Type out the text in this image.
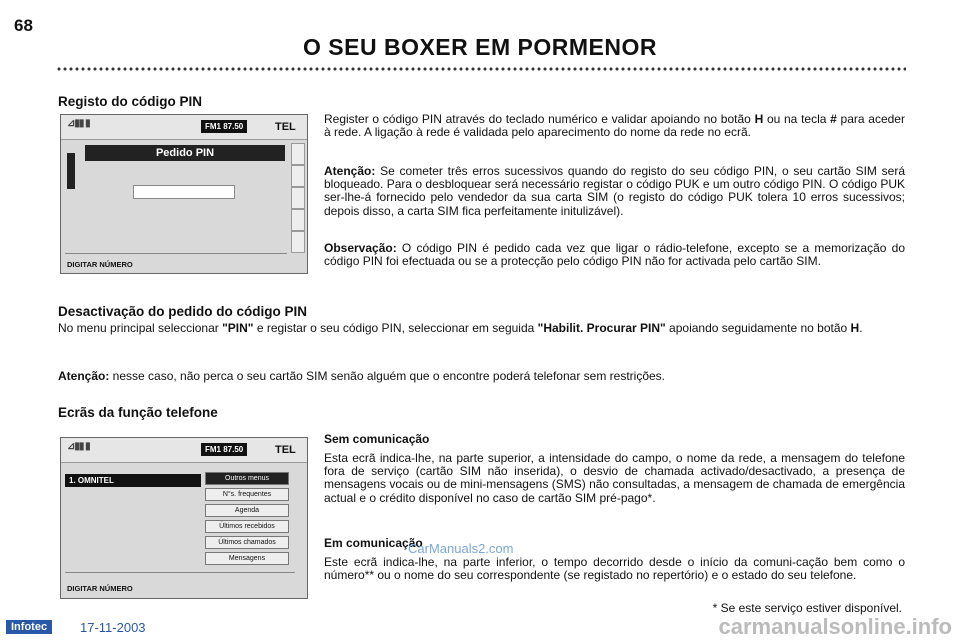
68
O SEU BOXER EM PORMENOR
Registo do código PIN
⊿▮▮ ▮	FM1 87.50	TEL
Pedido PIN
DIGITAR NÚMERO

Register o código PIN através do teclado numérico e validar apoiando no botão H ou na tecla # para aceder à rede. A ligação à rede é validada pelo aparecimento do nome da rede no ecrã.

Atenção: Se cometer três erros sucessivos quando do registo do seu código PIN, o seu cartão SIM será bloqueado. Para o desbloquear será necessário registar o código PUK e um outro código PIN. O código PUK ser-lhe-á fornecido pelo vendedor da sua carta SIM (o registo do código PUK tolera 10 erros sucessivos; depois disso, a carta SIM fica perfeitamente initulizável).

Observação: O código PIN é pedido cada vez que ligar o rádio-telefone, excepto se a memorização do código PIN foi efectuada ou se a protecção pelo código PIN não for activada pelo cartão SIM.

Desactivação do pedido do código PIN

No menu principal seleccionar "PIN" e registar o seu código PIN, seleccionar em seguida "Habilit. Procurar PIN" apoiando seguidamente no botão H.

Atenção: nesse caso, não perca o seu cartão SIM senão alguém que o encontre poderá telefonar sem restrições.

Ecrãs da função telefone
⊿▮▮ ▮	FM1 87.50	TEL
1. OMNITEL	Outros menus
N°s. frequentes
Agenda
Últimos recebidos
Últimos chamados
Mensagens
DIGITAR NÚMERO
Sem comunicação

Esta ecrã indica-lhe, na parte superior, a intensidade do campo, o nome da rede, a mensagem do telefone fora de serviço (cartão SIM não inserida), o desvio de chamada activado/desactivado, a presença de mensagens vocais ou de mini-mensagens (SMS) não consultadas, a mensagem de chamada de emergência actual e o crédito disponível no caso de cartão SIM pré-pago*.

Em comunicação

Este ecrã indica-lhe, na parte inferior, o tempo decorrido desde o início da comuni-cação bem como o número** ou o nome do seu correspondente (se registado no repertório) e o estado do seu telefone.

* Se este serviço estiver disponível.
CarManuals2.com
Infotec	17-11-2003	carmanualsonline.info
